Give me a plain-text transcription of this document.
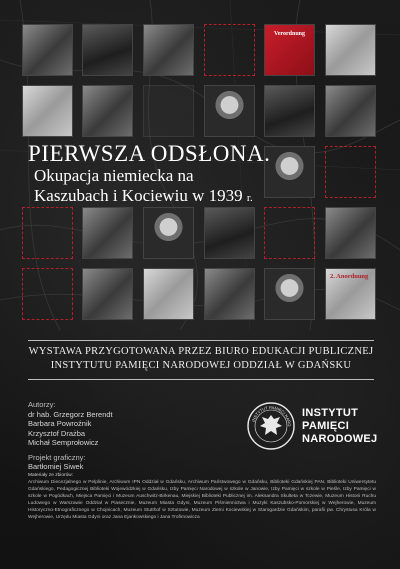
Verordnung
2. Anordnung
PIERWSZA ODSŁONA.
Okupacja niemiecka na
Kaszubach i Kociewiu w 1939 r.
WYSTAWA PRZYGOTOWANA PRZEZ BIURO EDUKACJI PUBLICZNEJ
INSTYTUTU PAMIĘCI NARODOWEJ ODDZIAŁ W GDAŃSKU
Autorzy:
dr hab. Grzegorz Berendt
Barbara Powroźnik
Krzysztof Drażba
Michał Semprołowicz
Projekt graficzny:
Bartłomiej Siwek
INSTYTUT PAMIĘCI NARO
INSTYTUT
PAMIĘCI
NARODOWEJ
Materiały ze zbiorów:
Archiwum Diecezjalnego w Pelplinie, Archiwum IPN Oddział w Gdańsku, Archiwum Państwowego w Gdańsku, Biblioteki Gdańskiej PAN, Biblioteki Uniwersytetu Gdańskiego, Pedagogicznej Biblioteki Wojewódzkiej w Gdańsku, Izby Pamięci Narodowej w szkole w Janowie, Izby Pamięci w szkole w Pieśle, Izby Pamięci w szkole w Pogódkach, Miejsca Pamięci i Muzeum Auschwitz-Birkenau, Miejskiej Biblioteki Publicznej im. Aleksandra Skulteta w Tczewie, Muzeum Historii Ruchu Ludowego w Warszawie Oddział w Piasecznie, Muzeum Miasta Gdyni, Muzeum Piśmiennictwa i Muzyki Kaszubsko-Pomorskiej w Wejherowie, Muzeum Historyczno-Etnograficznego w Chojnicach, Muzeum Stutthof w Sztutowie, Muzeum Ziemi Kociewskiej w Starogardzie Gdańskim, parafii pw. Chrystusa Króla w Wejherowie, Urzędu Miasta Gdyni oraz Jana Ejankowskiego i Jana Trofimowicza
